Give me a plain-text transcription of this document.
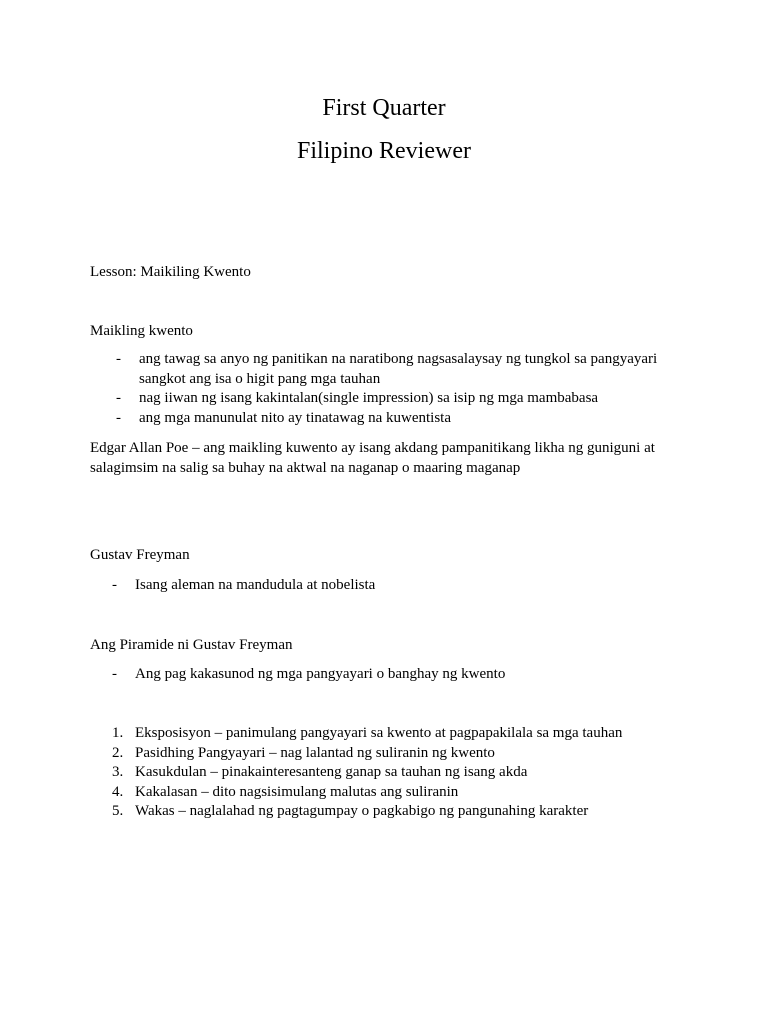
First Quarter
Filipino Reviewer

Lesson: Maikiling Kwento

Maikling kwento

- ang tawag sa anyo ng panitikan na naratibong nagsasalaysay ng tungkol sa pangyayari sangkot ang isa o higit pang mga tauhan
- nag iiwan ng isang kakintalan(single impression) sa isip ng mga mambabasa
- ang mga manunulat nito ay tinatawag na kuwentista

Edgar Allan Poe – ang maikling kuwento ay isang akdang pampanitikang likha ng guniguni at salagimsim na salig sa buhay na aktwal na naganap o maaring maganap

Gustav Freyman

- Isang aleman na mandudula at nobelista

Ang Piramide ni Gustav Freyman

- Ang pag kakasunod ng mga pangyayari o banghay ng kwento
1. Eksposisyon – panimulang pangyayari sa kwento at pagpapakilala sa mga tauhan
2. Pasidhing Pangyayari – nag lalantad ng suliranin ng kwento
3. Kasukdulan – pinakainteresanteng ganap sa tauhan ng isang akda
4. Kakalasan – dito nagsisimulang malutas ang suliranin
5. Wakas – naglalahad ng pagtagumpay o pagkabigo ng pangunahing karakter
